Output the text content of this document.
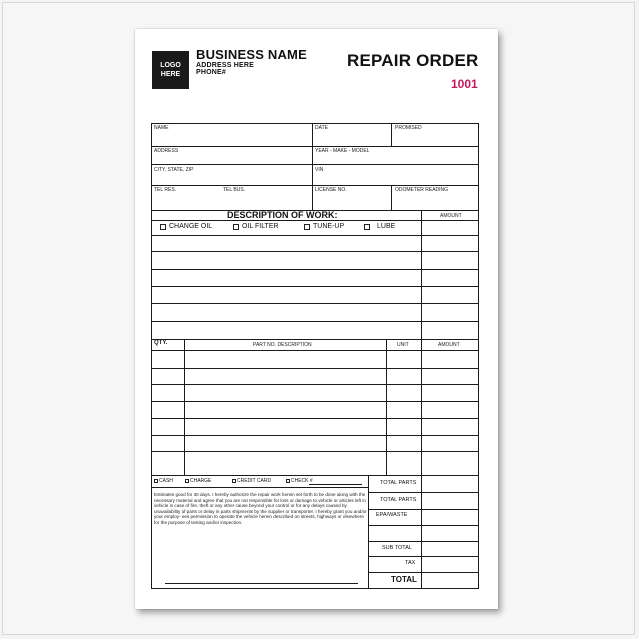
LOGO
HERE
BUSINESS NAME
ADDRESS HERE
PHONE#
REPAIR ORDER
1001
NAME	DATE	PROMISED
ADDRESS	YEAR - MAKE - MODEL
CITY, STATE, ZIP	VIN
TEL RES.	TEL BUS.	LICENSE NO.	ODOMETER READING
DESCRIPTION OF WORK:	AMOUNT
CHANGE OIL	OIL FILTER	TUNE-UP	LUBE
QTY.	PART NO. DESCRIPTION	UNIT	AMOUNT
CASH	CHARGE	CREDIT CARD	CHECK #
Estimates good for 30 days. I hereby authorize the repair work herein set forth to be done along with the necessary material and agree that you are not responsible for loss or damage to vehicle or articles left in vehicle in case of fire, theft or any other cause beyond your control or for any delays caused by unavailability of parts or delay in parts shipments by the supplier or transporter. I hereby grant you and/or your employ- ees permission to operate the vehicle herein described on streets, highways or elsewhere for the purpose of testing and/or inspection.
TOTAL PARTS
TOTAL PARTS
EPA/WASTE
SUB TOTAL
TAX
TOTAL
